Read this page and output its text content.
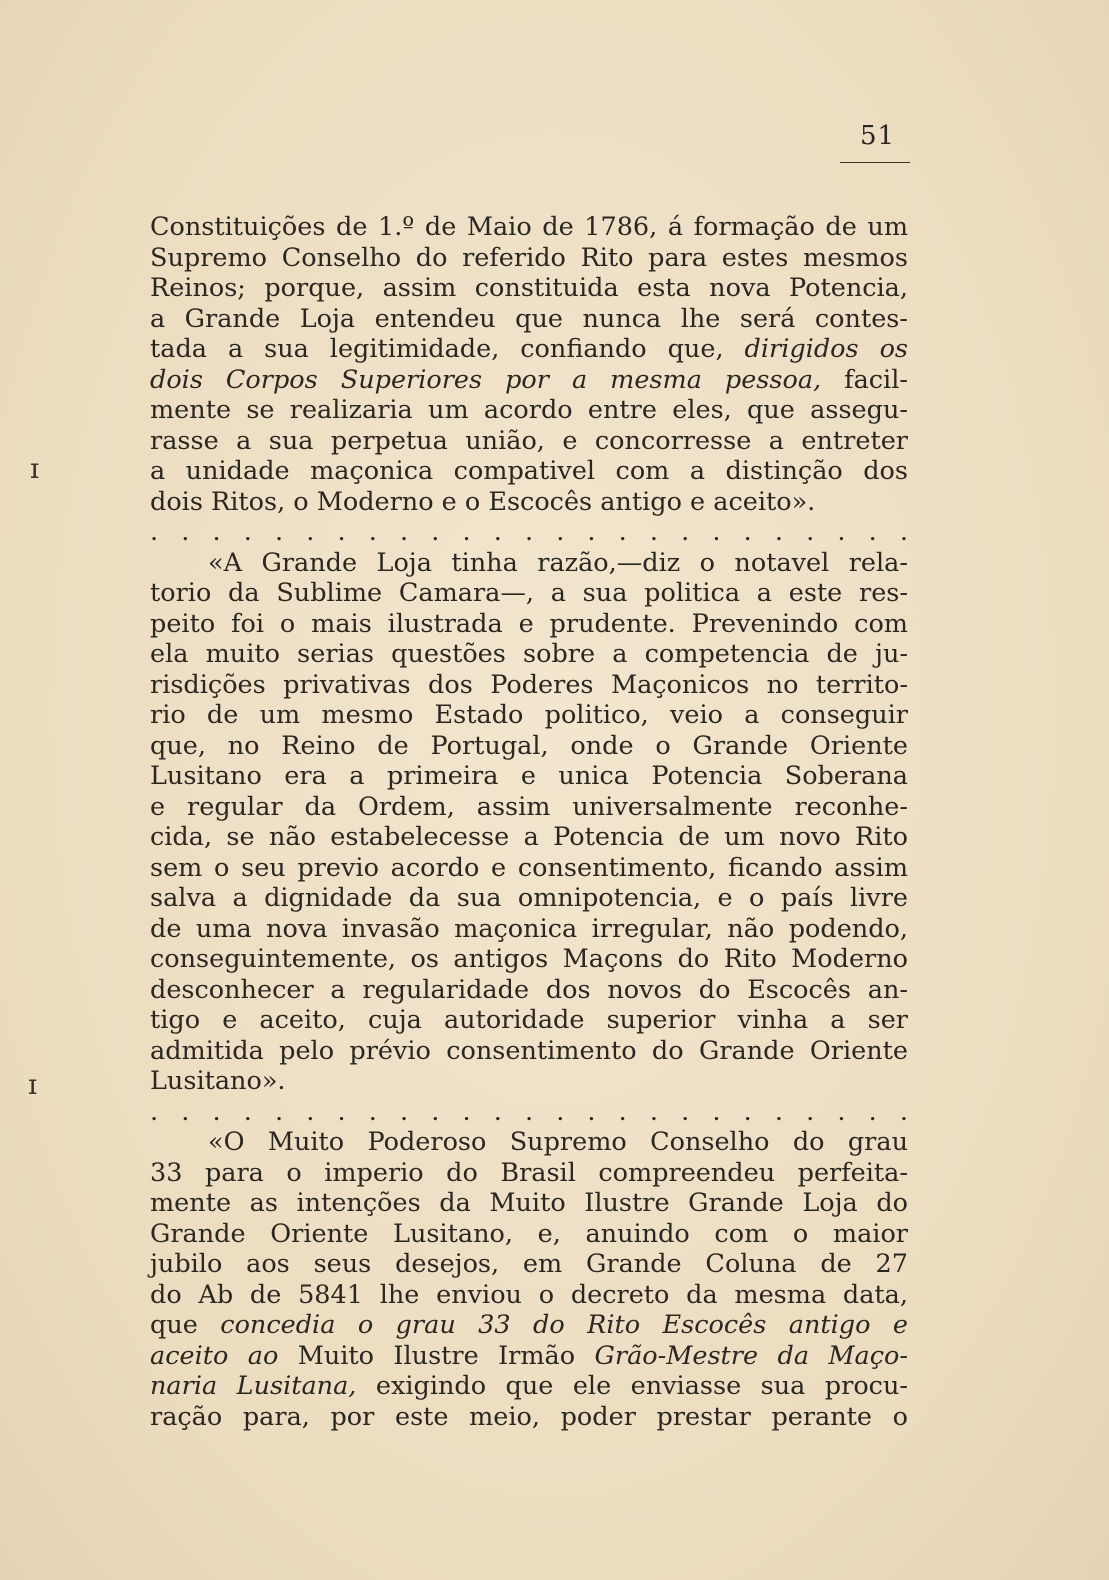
51
ɪ
ɪ
Constituições de 1.º de Maio de 1786, á formação de um
Supremo Conselho do referido Rito para estes mesmos
Reinos; porque, assim constituida esta nova Potencia,
a Grande Loja entendeu que nunca lhe será contes-
tada a sua legitimidade, confiando que, dirigidos os
dois Corpos Superiores por a mesma pessoa, facil-
mente se realizaria um acordo entre eles, que assegu-
rasse a sua perpetua união, e concorresse a entreter
a unidade maçonica compativel com a distinção dos
dois Ritos, o Moderno e o Escocês antigo e aceito».
. . . . . . . . . . . . . . . . . . . . . . . . .
«A Grande Loja tinha razão,—diz o notavel rela-
torio da Sublime Camara—, a sua politica a este res-
peito foi o mais ilustrada e prudente. Prevenindo com
ela muito serias questões sobre a competencia de ju-
risdições privativas dos Poderes Maçonicos no territo-
rio de um mesmo Estado politico, veio a conseguir
que, no Reino de Portugal, onde o Grande Oriente
Lusitano era a primeira e unica Potencia Soberana
e regular da Ordem, assim universalmente reconhe-
cida, se não estabelecesse a Potencia de um novo Rito
sem o seu previo acordo e consentimento, ficando assim
salva a dignidade da sua omnipotencia, e o país livre
de uma nova invasão maçonica irregular, não podendo,
conseguintemente, os antigos Maçons do Rito Moderno
desconhecer a regularidade dos novos do Escocês an-
tigo e aceito, cuja autoridade superior vinha a ser
admitida pelo prévio consentimento do Grande Oriente
Lusitano».
. . . . . . . . . . . . . . . . . . . . . . . . .
«O Muito Poderoso Supremo Conselho do grau
33 para o imperio do Brasil compreendeu perfeita-
mente as intenções da Muito Ilustre Grande Loja do
Grande Oriente Lusitano, e, anuindo com o maior
jubilo aos seus desejos, em Grande Coluna de 27
do Ab de 5841 lhe enviou o decreto da mesma data,
que concedia o grau 33 do Rito Escocês antigo e
aceito ao Muito Ilustre Irmão Grão-Mestre da Maço-
naria Lusitana, exigindo que ele enviasse sua procu-
ração para, por este meio, poder prestar perante o
